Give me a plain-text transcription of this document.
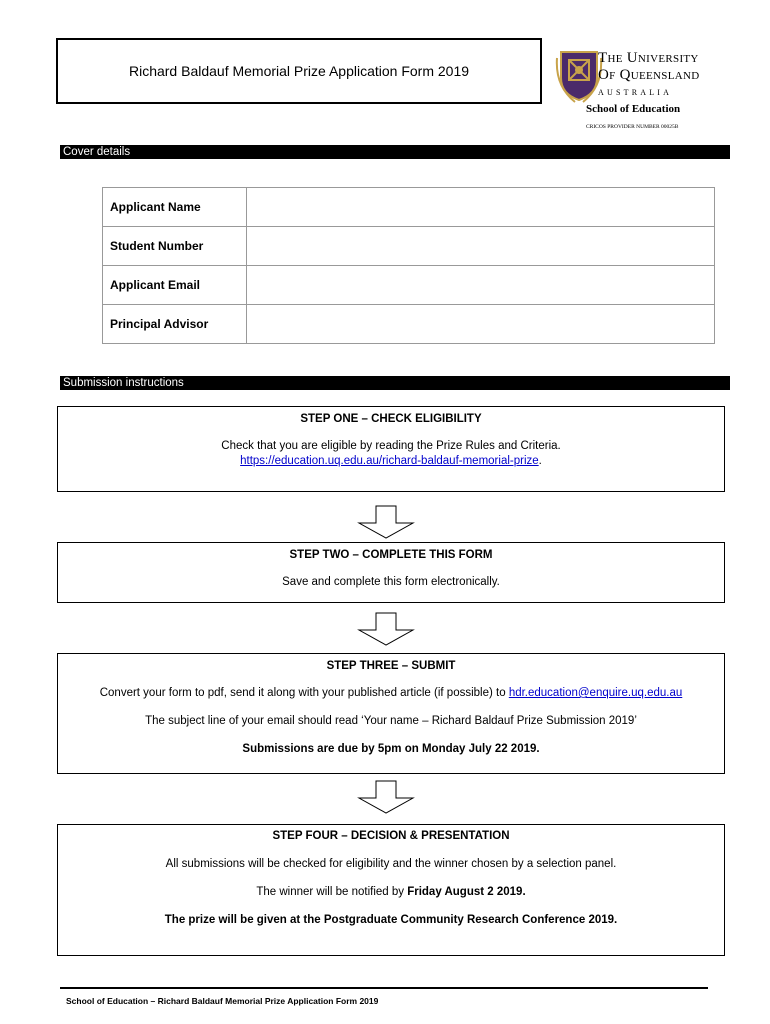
Richard Baldauf Memorial Prize Application Form 2019
THE UNIVERSITY
OF QUEENSLAND
AUSTRALIA
School of Education
CRICOS PROVIDER NUMBER 00025B
Cover details
Applicant Name	
Student Number	
Applicant Email	
Principal Advisor	
Submission instructions

STEP ONE – CHECK ELIGIBILITY

Check that you are eligible by reading the Prize Rules and Criteria.

https://education.uq.edu.au/richard-baldauf-memorial-prize.

STEP TWO – COMPLETE THIS FORM

Save and complete this form electronically.

STEP THREE – SUBMIT

Convert your form to pdf, send it along with your published article (if possible) to hdr.education@enquire.uq.edu.au

The subject line of your email should read ‘Your name – Richard Baldauf Prize Submission 2019’

Submissions are due by 5pm on Monday July 22 2019.

STEP FOUR – DECISION & PRESENTATION

All submissions will be checked for eligibility and the winner chosen by a selection panel.

The winner will be notified by Friday August 2 2019.

The prize will be given at the Postgraduate Community Research Conference 2019.

School of Education – Richard Baldauf Memorial Prize Application Form 2019
